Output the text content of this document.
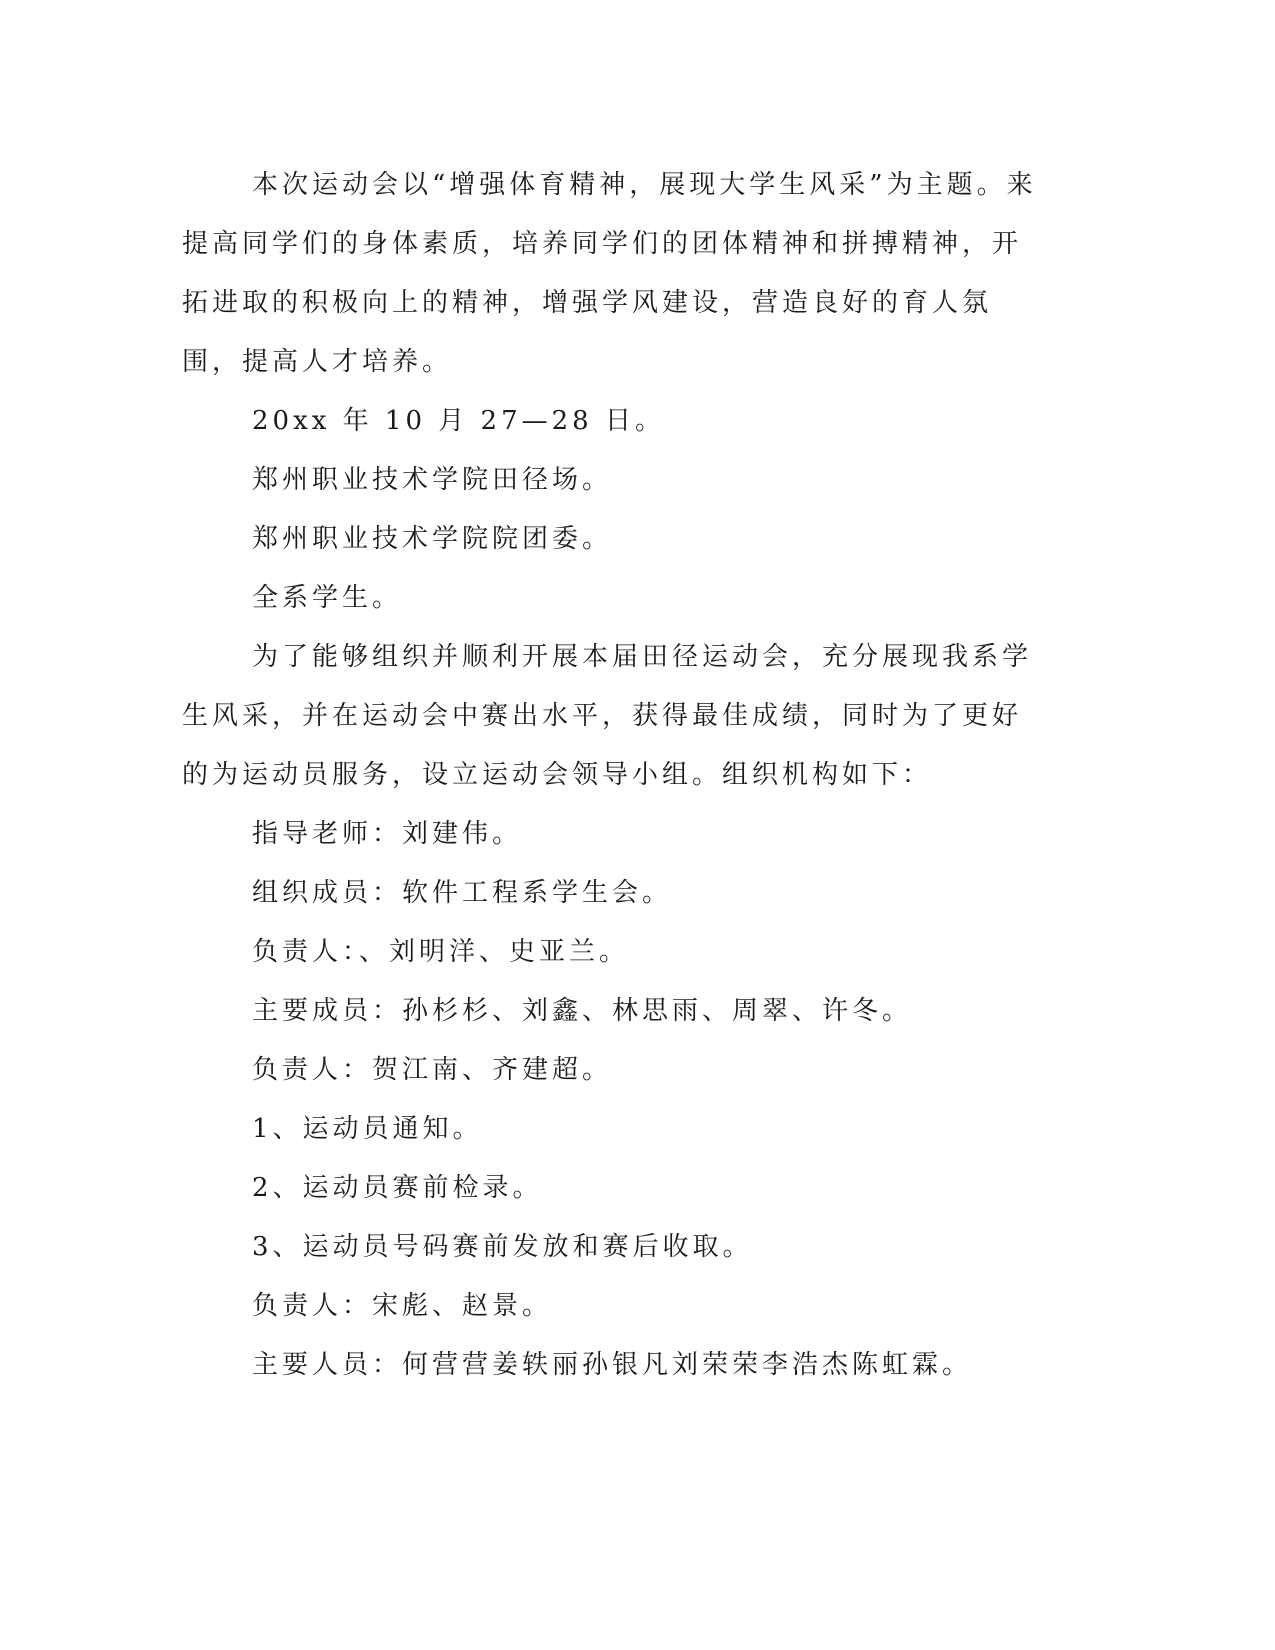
本次运动会以“增强体育精神，展现大学生风采”为主题。来提高同学们的身体素质，培养同学们的团体精神和拼搏精神，开拓进取的积极向上的精神，增强学风建设，营造良好的育人氛围，提高人才培养。

20xx 年 10 月 27—28 日。

郑州职业技术学院田径场。

郑州职业技术学院院团委。

全系学生。

为了能够组织并顺利开展本届田径运动会，充分展现我系学生风采，并在运动会中赛出水平，获得最佳成绩，同时为了更好的为运动员服务，设立运动会领导小组。组织机构如下：

指导老师：刘建伟。

组织成员：软件工程系学生会。

负责人：、刘明洋、史亚兰。

主要成员：孙杉杉、刘鑫、林思雨、周翠、许冬。

负责人：贺江南、齐建超。

1、运动员通知。

2、运动员赛前检录。

3、运动员号码赛前发放和赛后收取。

负责人：宋彪、赵景。

主要人员：何营营姜轶丽孙银凡刘荣荣李浩杰陈虹霖。
